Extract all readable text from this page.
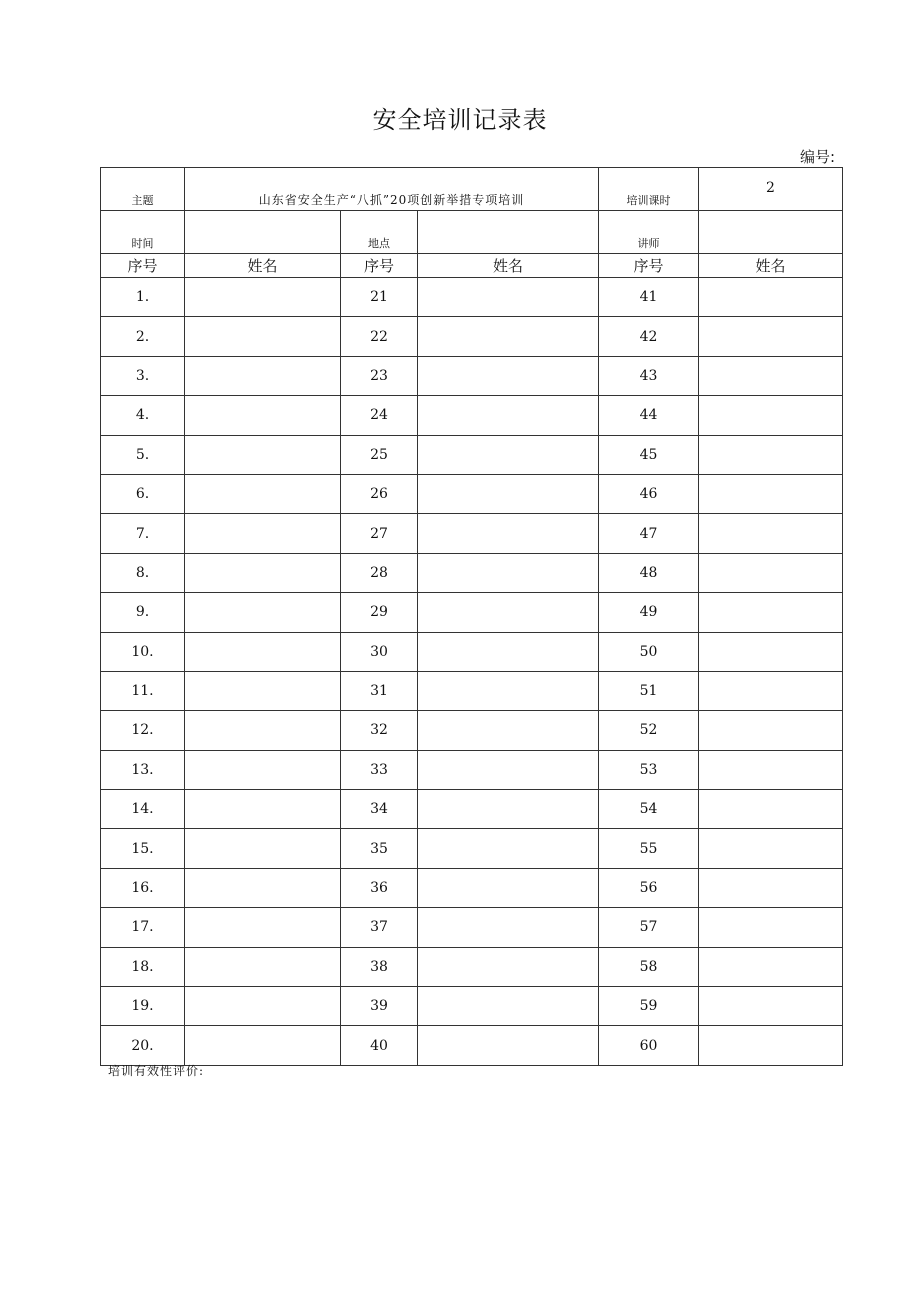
安全培训记录表
编号:
主题	山东省安全生产“八抓”20项创新举措专项培训			培训课时	2
时间		地点		讲师	
序号	姓名	序号	姓名	序号	姓名
1.		21		41	
2.		22		42	
3.		23		43	
4.		24		44	
5.		25		45	
6.		26		46	
7.		27		47	
8.		28		48	
9.		29		49	
10.		30		50	
11.		31		51	
12.		32		52	
13.		33		53	
14.		34		54	
15.		35		55	
16.		36		56	
17.		37		57	
18.		38		58	
19.		39		59	
20.		40		60	
培训有效性评价:
